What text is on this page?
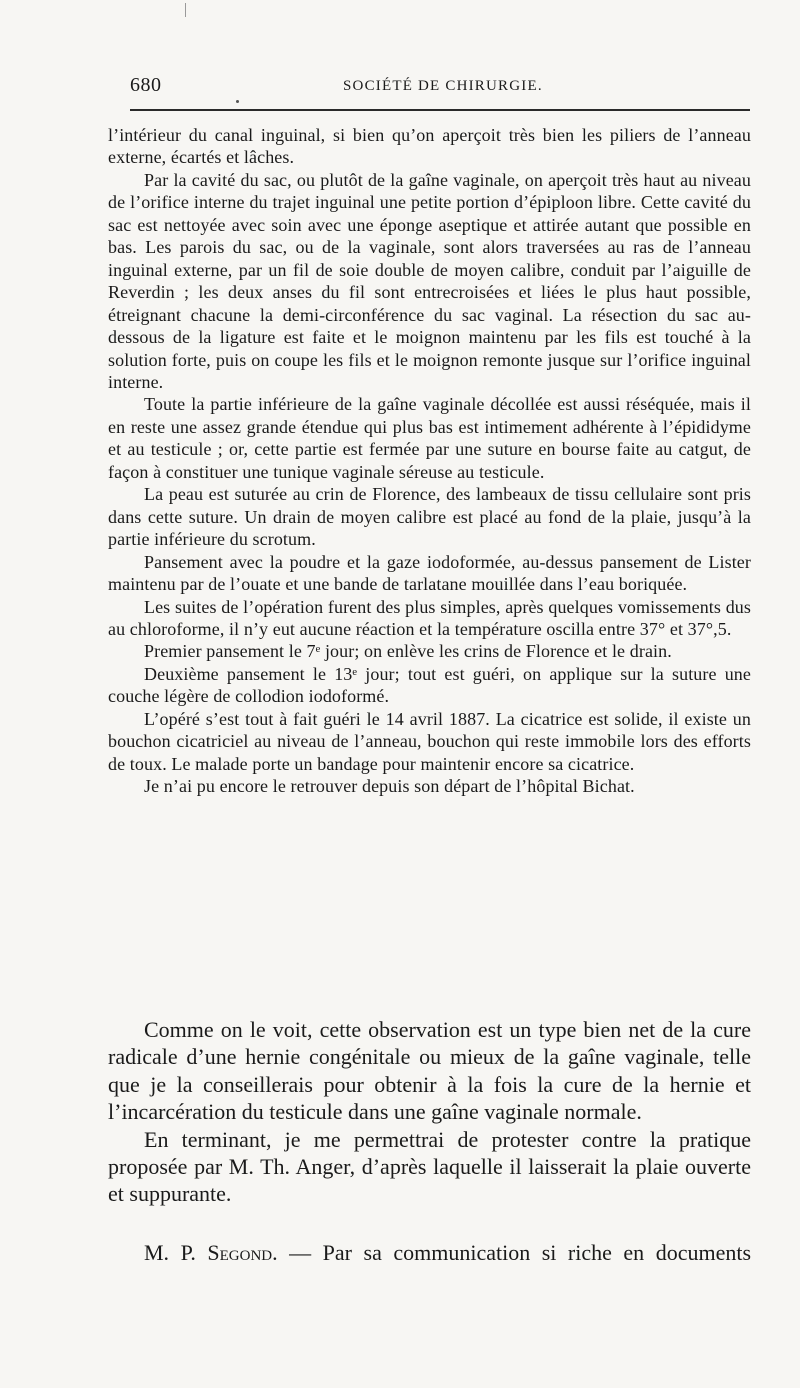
680	SOCIÉTÉ DE CHIRURGIE.

l’intérieur du canal inguinal, si bien qu’on aperçoit très bien les piliers de l’anneau externe, écartés et lâches.

Par la cavité du sac, ou plutôt de la gaîne vaginale, on aperçoit très haut au niveau de l’orifice interne du trajet inguinal une petite portion d’épiploon libre. Cette cavité du sac est nettoyée avec soin avec une éponge aseptique et attirée autant que possible en bas. Les parois du sac, ou de la vaginale, sont alors traversées au ras de l’anneau inguinal externe, par un fil de soie double de moyen calibre, conduit par l’aiguille de Reverdin ; les deux anses du fil sont entrecroisées et liées le plus haut possible, étreignant chacune la demi-circonférence du sac vaginal. La résection du sac au-dessous de la ligature est faite et le moignon maintenu par les fils est touché à la solution forte, puis on coupe les fils et le moignon remonte jusque sur l’orifice inguinal interne.

Toute la partie inférieure de la gaîne vaginale décollée est aussi réséquée, mais il en reste une assez grande étendue qui plus bas est intimement adhérente à l’épididyme et au testicule ; or, cette partie est fermée par une suture en bourse faite au catgut, de façon à constituer une tunique vaginale séreuse au testicule.

La peau est suturée au crin de Florence, des lambeaux de tissu cellulaire sont pris dans cette suture. Un drain de moyen calibre est placé au fond de la plaie, jusqu’à la partie inférieure du scrotum.

Pansement avec la poudre et la gaze iodoformée, au-dessus pansement de Lister maintenu par de l’ouate et une bande de tarlatane mouillée dans l’eau boriquée.

Les suites de l’opération furent des plus simples, après quelques vomissements dus au chloroforme, il n’y eut aucune réaction et la température oscilla entre 37° et 37°,5.

Premier pansement le 7ᵉ jour; on enlève les crins de Florence et le drain.

Deuxième pansement le 13ᵉ jour; tout est guéri, on applique sur la suture une couche légère de collodion iodoformé.

L’opéré s’est tout à fait guéri le 14 avril 1887. La cicatrice est solide, il existe un bouchon cicatriciel au niveau de l’anneau, bouchon qui reste immobile lors des efforts de toux. Le malade porte un bandage pour maintenir encore sa cicatrice.

Je n’ai pu encore le retrouver depuis son départ de l’hôpital Bichat.

Comme on le voit, cette observation est un type bien net de la cure radicale d’une hernie congénitale ou mieux de la gaîne vaginale, telle que je la conseillerais pour obtenir à la fois la cure de la hernie et l’incarcération du testicule dans une gaîne vaginale normale.

En terminant, je me permettrai de protester contre la pratique proposée par M. Th. Anger, d’après laquelle il laisserait la plaie ouverte et suppurante.

M. P. Segond. — Par sa communication si riche en documents
